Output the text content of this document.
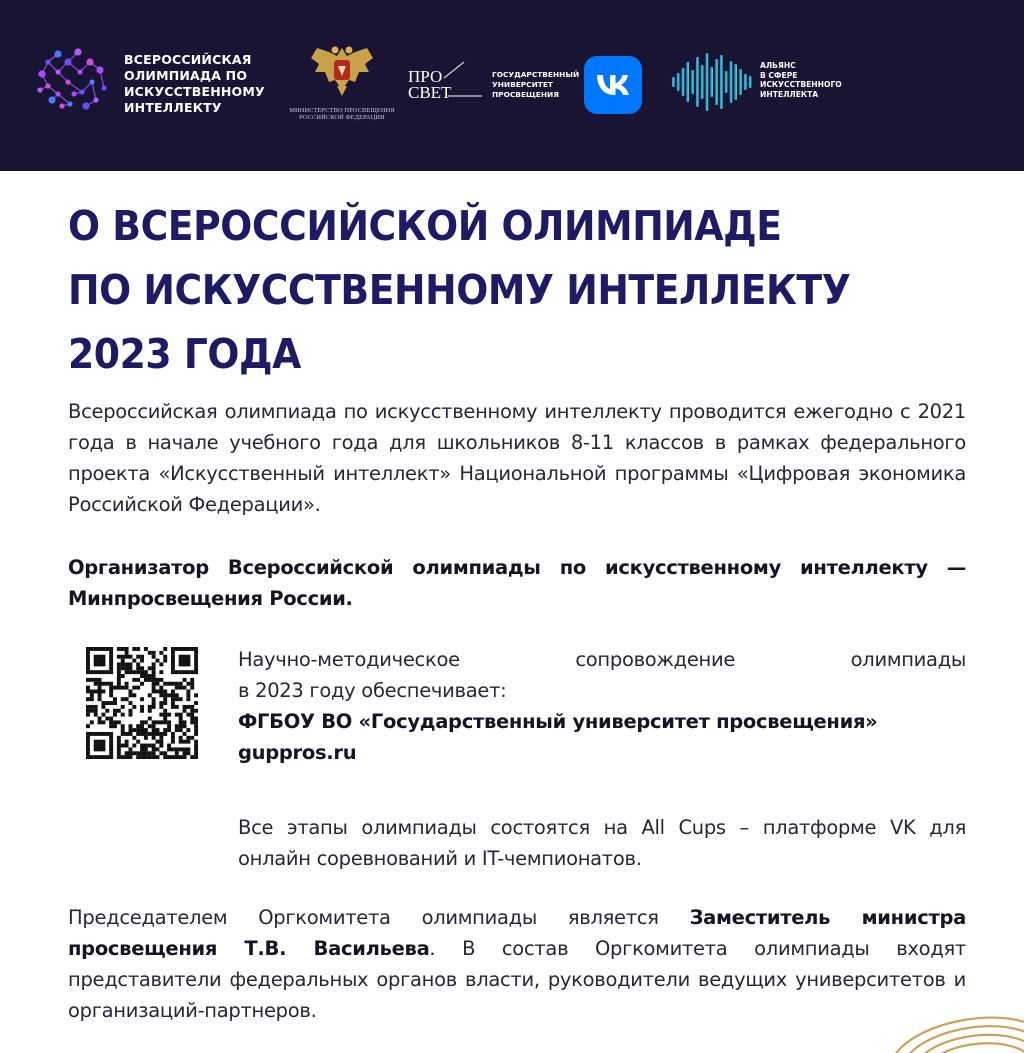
ВСЕРОССИЙСКАЯ
ОЛИМПИАДА ПО
ИСКУССТВЕННОМУ
ИНТЕЛЛЕКТУ	МИНИСТЕРСТВО ПРОСВЕЩЕНИЯ
РОССИЙСКОЙ ФЕДЕРАЦИИ
ПРО
СВЕТ
ГОСУДАРСТВЕННЫЙ
УНИВЕРСИТЕТ
ПРОСВЕЩЕНИЯ
АЛЬЯНС
В СФЕРЕ
ИСКУССТВЕННОГО
ИНТЕЛЛЕКТА
О ВСЕРОССИЙСКОЙ ОЛИМПИАДЕ
ПО ИСКУССТВЕННОМУ ИНТЕЛЛЕКТУ
2023 ГОДА
Всероссийская олимпиада по искусственному интеллекту проводится ежегодно с 2021 года в начале учебного года для школьников 8-11 классов в рамках федерального проекта «Искусственный интеллект» Национальной программы «Цифровая экономика Российской Федерации».
Организатор Всероссийской олимпиады по искусственному интеллекту — Минпросвещения России.
Научно-методическое	сопровождение	олимпиады
в 2023 году обеспечивает:
ФГБОУ ВО «Государственный университет просвещения»
guppros.ru
Все этапы олимпиады состоятся на All Cups – платформе VK для онлайн соревнований и IT-чемпионатов.
Председателем Оргкомитета олимпиады является Заместитель министра просвещения Т.В. Васильева. В состав Оргкомитета олимпиады входят представители федеральных органов власти, руководители ведущих университетов и организаций-партнеров.
